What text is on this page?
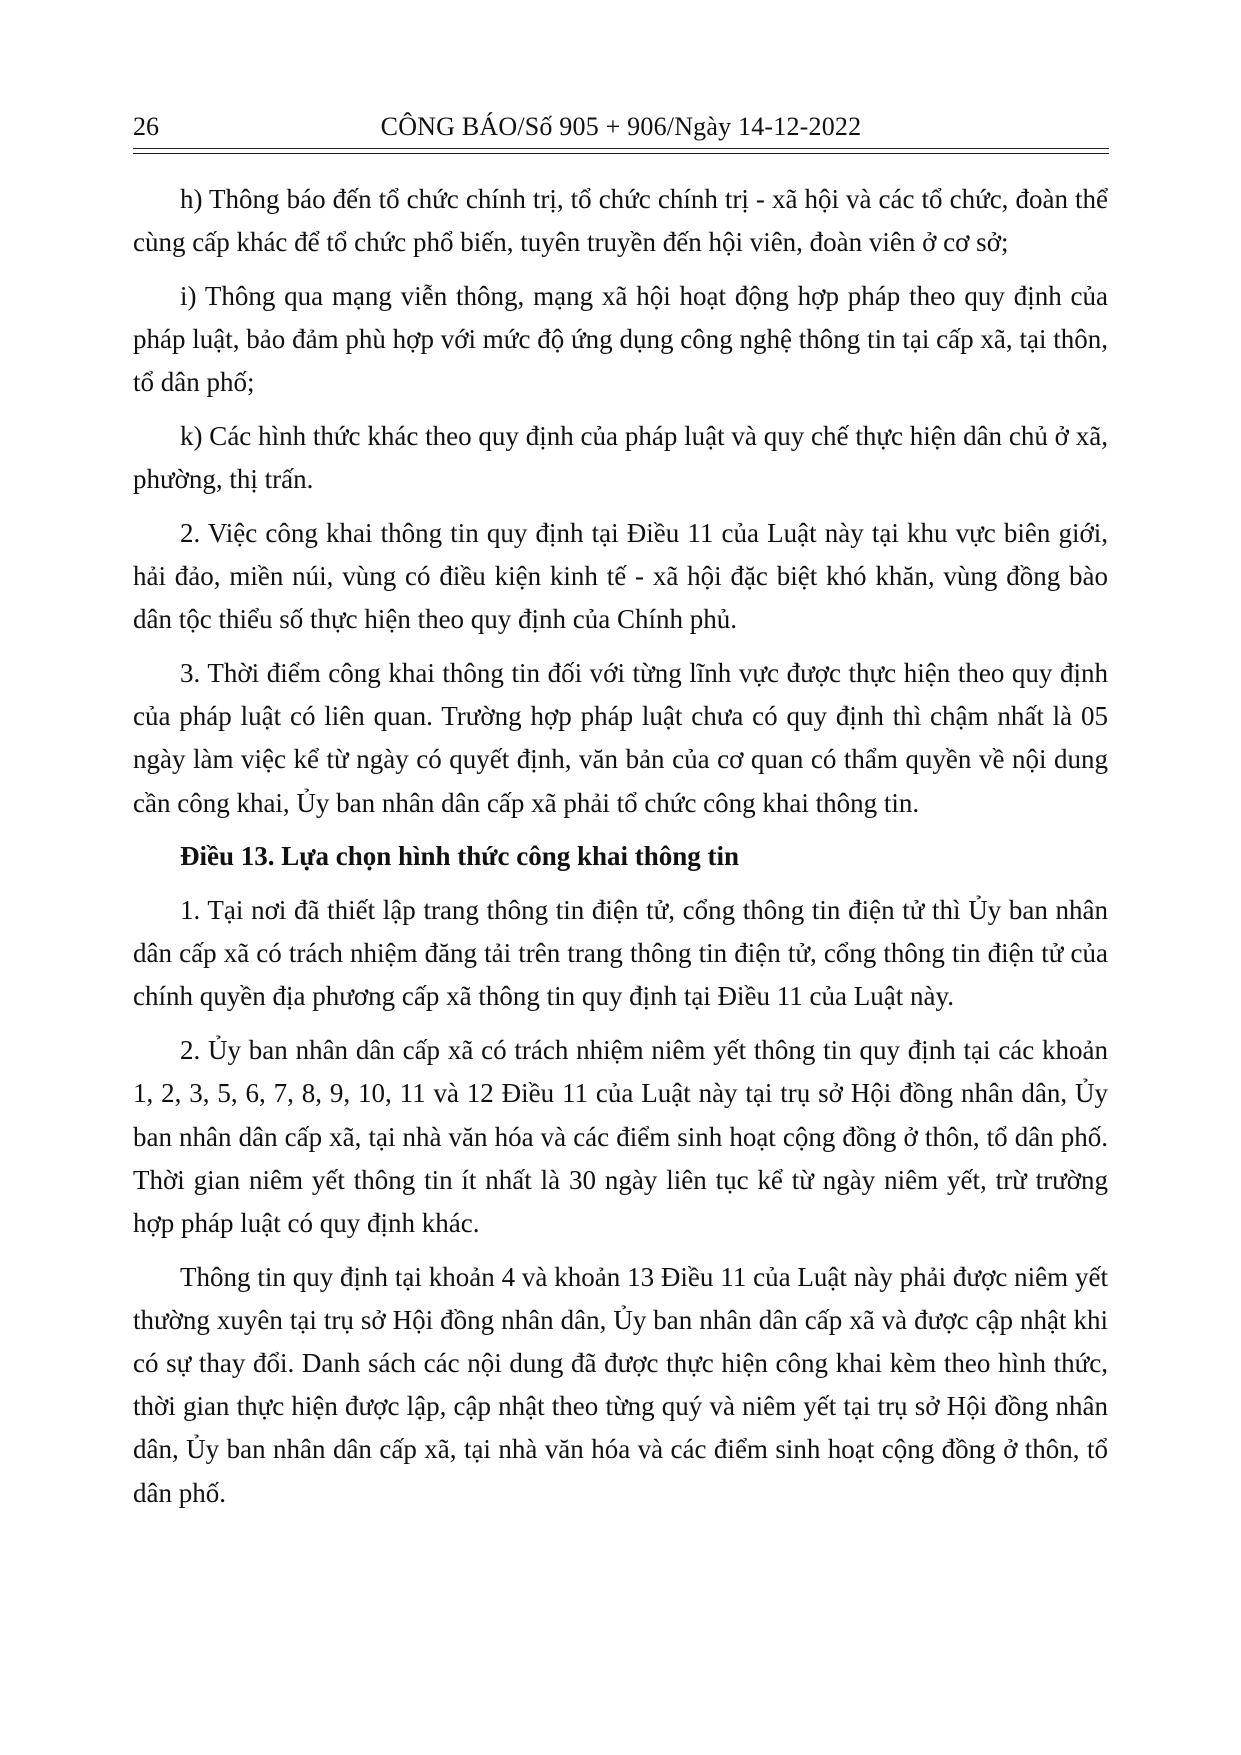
26	CÔNG BÁO/Số 905 + 906/Ngày 14-12-2022

h) Thông báo đến tổ chức chính trị, tổ chức chính trị - xã hội và các tổ chức, đoàn thể cùng cấp khác để tổ chức phổ biến, tuyên truyền đến hội viên, đoàn viên ở cơ sở;

i) Thông qua mạng viễn thông, mạng xã hội hoạt động hợp pháp theo quy định của pháp luật, bảo đảm phù hợp với mức độ ứng dụng công nghệ thông tin tại cấp xã, tại thôn, tổ dân phố;

k) Các hình thức khác theo quy định của pháp luật và quy chế thực hiện dân chủ ở xã, phường, thị trấn.

2. Việc công khai thông tin quy định tại Điều 11 của Luật này tại khu vực biên giới, hải đảo, miền núi, vùng có điều kiện kinh tế - xã hội đặc biệt khó khăn, vùng đồng bào dân tộc thiểu số thực hiện theo quy định của Chính phủ.

3. Thời điểm công khai thông tin đối với từng lĩnh vực được thực hiện theo quy định của pháp luật có liên quan. Trường hợp pháp luật chưa có quy định thì chậm nhất là 05 ngày làm việc kể từ ngày có quyết định, văn bản của cơ quan có thẩm quyền về nội dung cần công khai, Ủy ban nhân dân cấp xã phải tổ chức công khai thông tin.

Điều 13. Lựa chọn hình thức công khai thông tin

1. Tại nơi đã thiết lập trang thông tin điện tử, cổng thông tin điện tử thì Ủy ban nhân dân cấp xã có trách nhiệm đăng tải trên trang thông tin điện tử, cổng thông tin điện tử của chính quyền địa phương cấp xã thông tin quy định tại Điều 11 của Luật này.

2. Ủy ban nhân dân cấp xã có trách nhiệm niêm yết thông tin quy định tại các khoản 1, 2, 3, 5, 6, 7, 8, 9, 10, 11 và 12 Điều 11 của Luật này tại trụ sở Hội đồng nhân dân, Ủy ban nhân dân cấp xã, tại nhà văn hóa và các điểm sinh hoạt cộng đồng ở thôn, tổ dân phố. Thời gian niêm yết thông tin ít nhất là 30 ngày liên tục kể từ ngày niêm yết, trừ trường hợp pháp luật có quy định khác.

Thông tin quy định tại khoản 4 và khoản 13 Điều 11 của Luật này phải được niêm yết thường xuyên tại trụ sở Hội đồng nhân dân, Ủy ban nhân dân cấp xã và được cập nhật khi có sự thay đổi. Danh sách các nội dung đã được thực hiện công khai kèm theo hình thức, thời gian thực hiện được lập, cập nhật theo từng quý và niêm yết tại trụ sở Hội đồng nhân dân, Ủy ban nhân dân cấp xã, tại nhà văn hóa và các điểm sinh hoạt cộng đồng ở thôn, tổ dân phố.
